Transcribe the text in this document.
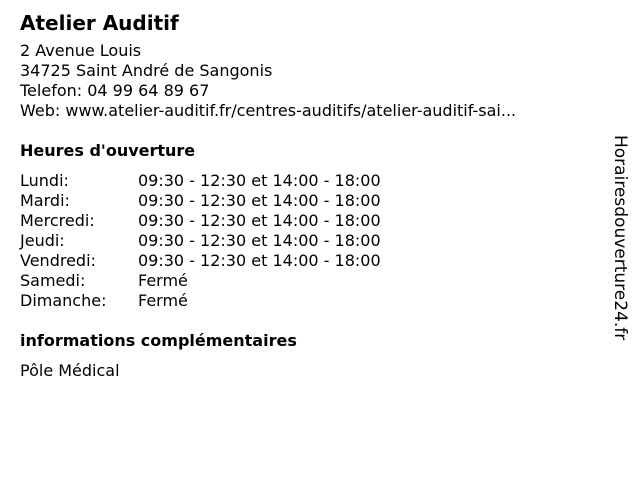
Atelier Auditif
2 Avenue Louis
34725 Saint André de Sangonis
Telefon: 04 99 64 89 67
Web: www.atelier-auditif.fr/centres-auditifs/atelier-auditif-sai...
Heures d'ouverture
Lundi:	09:30 - 12:30 et 14:00 - 18:00
Mardi:	09:30 - 12:30 et 14:00 - 18:00
Mercredi:	09:30 - 12:30 et 14:00 - 18:00
Jeudi:	09:30 - 12:30 et 14:00 - 18:00
Vendredi:	09:30 - 12:30 et 14:00 - 18:00
Samedi:	Fermé
Dimanche:	Fermé
informations complémentaires
Pôle Médical
Horairesdouverture24.fr
